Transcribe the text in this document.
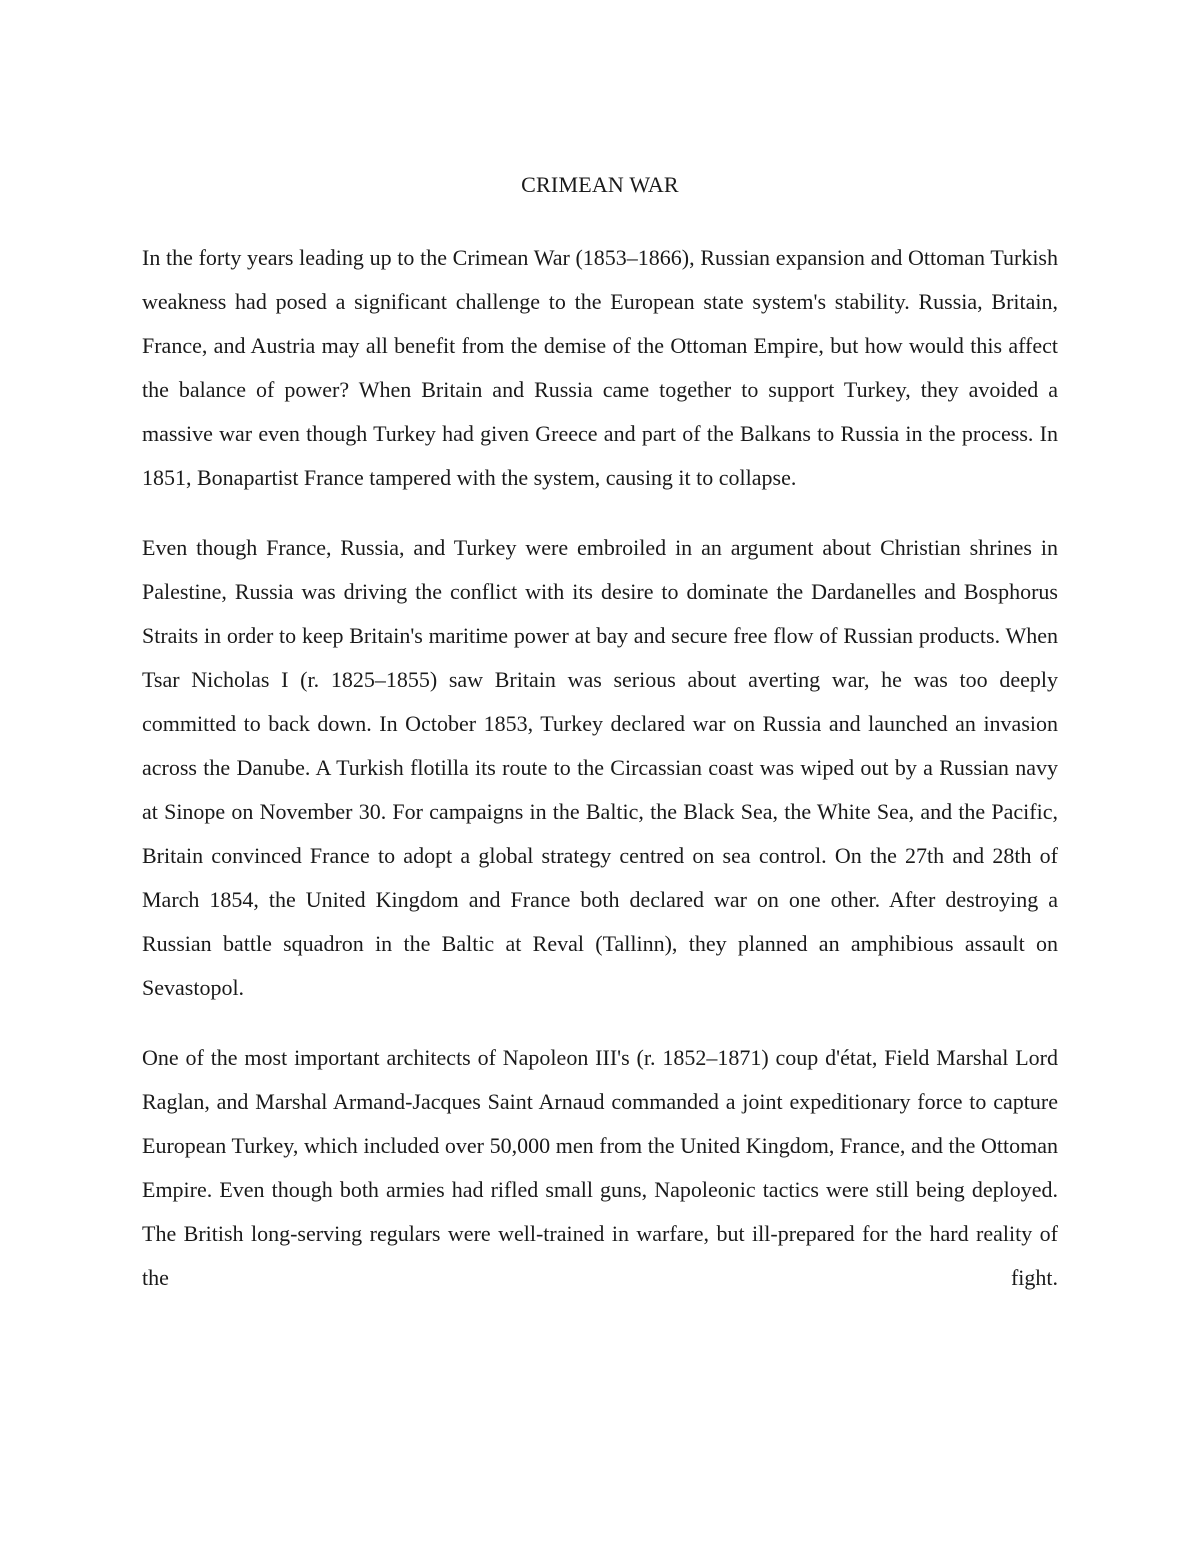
CRIMEAN WAR

In the forty years leading up to the Crimean War (1853–1866), Russian expansion and Ottoman Turkish weakness had posed a significant challenge to the European state system's stability. Russia, Britain, France, and Austria may all benefit from the demise of the Ottoman Empire, but how would this affect the balance of power? When Britain and Russia came together to support Turkey, they avoided a massive war even though Turkey had given Greece and part of the Balkans to Russia in the process. In 1851, Bonapartist France tampered with the system, causing it to collapse.

Even though France, Russia, and Turkey were embroiled in an argument about Christian shrines in Palestine, Russia was driving the conflict with its desire to dominate the Dardanelles and Bosphorus Straits in order to keep Britain's maritime power at bay and secure free flow of Russian products. When Tsar Nicholas I (r. 1825–1855) saw Britain was serious about averting war, he was too deeply committed to back down. In October 1853, Turkey declared war on Russia and launched an invasion across the Danube. A Turkish flotilla its route to the Circassian coast was wiped out by a Russian navy at Sinope on November 30. For campaigns in the Baltic, the Black Sea, the White Sea, and the Pacific, Britain convinced France to adopt a global strategy centred on sea control. On the 27th and 28th of March 1854, the United Kingdom and France both declared war on one other. After destroying a Russian battle squadron in the Baltic at Reval (Tallinn), they planned an amphibious assault on Sevastopol.

One of the most important architects of Napoleon III's (r. 1852–1871) coup d'état, Field Marshal Lord Raglan, and Marshal Armand-Jacques Saint Arnaud commanded a joint expeditionary force to capture European Turkey, which included over 50,000 men from the United Kingdom, France, and the Ottoman Empire. Even though both armies had rifled small guns, Napoleonic tactics were still being deployed. The British long-serving regulars were well-trained in warfare, but ill-prepared for the hard reality of the fight.
